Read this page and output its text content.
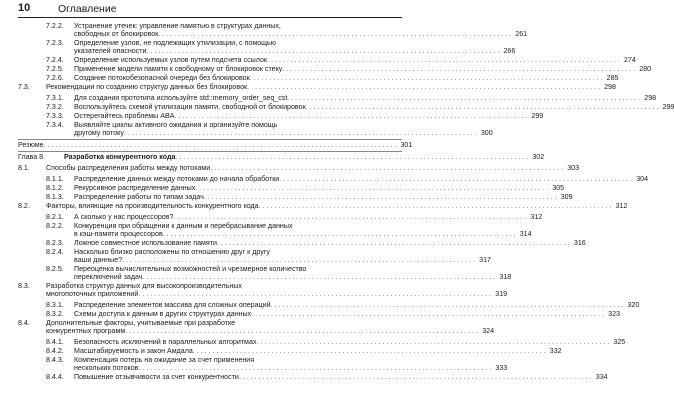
10	Оглавление
7.2.2.	Устранение утечек: управление памятью в структурах данных,
свободных от блокировок . . . . . . . . . . . . . . . . . . . . . . . . . . . . . . . . . . . . . . . . . . . . . . . . . . . . . . . . . . . . . . . . . . . . . . . . . . . . . . . . . . . . . . . . . . 261
7.2.3.	Определение узлов, не подлежащих утилизации, с помощью
указателей опасности . . . . . . . . . . . . . . . . . . . . . . . . . . . . . . . . . . . . . . . . . . . . . . . . . . . . . . . . . . . . . . . . . . . . . . . . . . . . . . . . . . . . . . . . . . 266
7.2.4.	Определение используемых узлов путем подсчета ссылок . . . . . . . . . . . . . . . . . . . . . . . . . . . . . . . . . . . . . . . . . . . . . . . . . . . . . . . . . . . . . . . . . . . . . . . . . . . . . . . . . . . . . . . . . . 274
7.2.5.	Применение модели памяти к свободному от блокировок стеку . . . . . . . . . . . . . . . . . . . . . . . . . . . . . . . . . . . . . . . . . . . . . . . . . . . . . . . . . . . . . . . . . . . . . . . . . . . . . . . . . . . . . . . . . . 280
7.2.6.	Создание потокобезопасной очереди без блокировок . . . . . . . . . . . . . . . . . . . . . . . . . . . . . . . . . . . . . . . . . . . . . . . . . . . . . . . . . . . . . . . . . . . . . . . . . . . . . . . . . . . . . . . . . . 285
7.3.	Рекомендации по созданию структур данных без блокировок . . . . . . . . . . . . . . . . . . . . . . . . . . . . . . . . . . . . . . . . . . . . . . . . . . . . . . . . . . . . . . . . . . . . . . . . . . . . . . . . . . . . . . . . . . 298
7.3.1.	Для создания прототипа используйте std::memory_order_seq_cst . . . . . . . . . . . . . . . . . . . . . . . . . . . . . . . . . . . . . . . . . . . . . . . . . . . . . . . . . . . . . . . . . . . . . . . . . . . . . . . . . . . . . . . . . . 298
7.3.2.	Воспользуйтесь схемой утилизации памяти, свободной от блокировок . . . . . . . . . . . . . . . . . . . . . . . . . . . . . . . . . . . . . . . . . . . . . . . . . . . . . . . . . . . . . . . . . . . . . . . . . . . . . . . . . . . . . . . . . . 299
7.3.3.	Остерегайтесь проблемы ABA . . . . . . . . . . . . . . . . . . . . . . . . . . . . . . . . . . . . . . . . . . . . . . . . . . . . . . . . . . . . . . . . . . . . . . . . . . . . . . . . . . . . . . . . . . 299
7.3.4.	Выявляйте циклы активного ожидания и организуйте помощь
другому потоку . . . . . . . . . . . . . . . . . . . . . . . . . . . . . . . . . . . . . . . . . . . . . . . . . . . . . . . . . . . . . . . . . . . . . . . . . . . . . . . . . . . . . . . . . . 300
Резюме . . . . . . . . . . . . . . . . . . . . . . . . . . . . . . . . . . . . . . . . . . . . . . . . . . . . . . . . . . . . . . . . . . . . . . . . . . . . . . . . . . . . . . . . . . 301
Глава 8.	Разработка конкурентного кода . . . . . . . . . . . . . . . . . . . . . . . . . . . . . . . . . . . . . . . . . . . . . . . . . . . . . . . . . . . . . . . . . . . . . . . . . . . . . . . . . . . . . . . . . . 302
8.1.	Способы распределения работы между потоками . . . . . . . . . . . . . . . . . . . . . . . . . . . . . . . . . . . . . . . . . . . . . . . . . . . . . . . . . . . . . . . . . . . . . . . . . . . . . . . . . . . . . . . . . . 303
8.1.1.	Распределение данных между потоками до начала обработки . . . . . . . . . . . . . . . . . . . . . . . . . . . . . . . . . . . . . . . . . . . . . . . . . . . . . . . . . . . . . . . . . . . . . . . . . . . . . . . . . . . . . . . . . . 304
8.1.2.	Рекурсивное распределение данных . . . . . . . . . . . . . . . . . . . . . . . . . . . . . . . . . . . . . . . . . . . . . . . . . . . . . . . . . . . . . . . . . . . . . . . . . . . . . . . . . . . . . . . . . . 305
8.1.3.	Распределение работы по типам задач . . . . . . . . . . . . . . . . . . . . . . . . . . . . . . . . . . . . . . . . . . . . . . . . . . . . . . . . . . . . . . . . . . . . . . . . . . . . . . . . . . . . . . . . . . 309
8.2.	Факторы, влияющие на производительность конкурентного кода . . . . . . . . . . . . . . . . . . . . . . . . . . . . . . . . . . . . . . . . . . . . . . . . . . . . . . . . . . . . . . . . . . . . . . . . . . . . . . . . . . . . . . . . . . 312
8.2.1.	А сколько у нас процессоров? . . . . . . . . . . . . . . . . . . . . . . . . . . . . . . . . . . . . . . . . . . . . . . . . . . . . . . . . . . . . . . . . . . . . . . . . . . . . . . . . . . . . . . . . . . 312
8.2.2.	Конкуренция при обращении к данным и перебрасывание данных
в кэш-памяти процессоров . . . . . . . . . . . . . . . . . . . . . . . . . . . . . . . . . . . . . . . . . . . . . . . . . . . . . . . . . . . . . . . . . . . . . . . . . . . . . . . . . . . . . . . . . . 314
8.2.3.	Ложное совместное использование памяти . . . . . . . . . . . . . . . . . . . . . . . . . . . . . . . . . . . . . . . . . . . . . . . . . . . . . . . . . . . . . . . . . . . . . . . . . . . . . . . . . . . . . . . . . . 316
8.2.4.	Насколько близко расположены по отношению друг к другу
ваши данные? . . . . . . . . . . . . . . . . . . . . . . . . . . . . . . . . . . . . . . . . . . . . . . . . . . . . . . . . . . . . . . . . . . . . . . . . . . . . . . . . . . . . . . . . . . 317
8.2.5.	Переоценка вычислительных возможностей и чрезмерное количество
переключений задач . . . . . . . . . . . . . . . . . . . . . . . . . . . . . . . . . . . . . . . . . . . . . . . . . . . . . . . . . . . . . . . . . . . . . . . . . . . . . . . . . . . . . . . . . . 318
8.3.	Разработка структур данных для высокопроизводительных
многопоточных приложений . . . . . . . . . . . . . . . . . . . . . . . . . . . . . . . . . . . . . . . . . . . . . . . . . . . . . . . . . . . . . . . . . . . . . . . . . . . . . . . . . . . . . . . . . . 319
8.3.1.	Распределение элементов массива для сложных операций . . . . . . . . . . . . . . . . . . . . . . . . . . . . . . . . . . . . . . . . . . . . . . . . . . . . . . . . . . . . . . . . . . . . . . . . . . . . . . . . . . . . . . . . . . 320
8.3.2.	Схемы доступа к данным в других структурах данных . . . . . . . . . . . . . . . . . . . . . . . . . . . . . . . . . . . . . . . . . . . . . . . . . . . . . . . . . . . . . . . . . . . . . . . . . . . . . . . . . . . . . . . . . . 323
8.4.	Дополнительные факторы, учитываемые при разработке
конкурентных программ . . . . . . . . . . . . . . . . . . . . . . . . . . . . . . . . . . . . . . . . . . . . . . . . . . . . . . . . . . . . . . . . . . . . . . . . . . . . . . . . . . . . . . . . . . 324
8.4.1.	Безопасность исключений в параллельных алгоритмах . . . . . . . . . . . . . . . . . . . . . . . . . . . . . . . . . . . . . . . . . . . . . . . . . . . . . . . . . . . . . . . . . . . . . . . . . . . . . . . . . . . . . . . . . . 325
8.4.2.	Масштабируемость и закон Амдала . . . . . . . . . . . . . . . . . . . . . . . . . . . . . . . . . . . . . . . . . . . . . . . . . . . . . . . . . . . . . . . . . . . . . . . . . . . . . . . . . . . . . . . . . . 332
8.4.3.	Компенсация потерь на ожидание за счет применения
нескольких потоков . . . . . . . . . . . . . . . . . . . . . . . . . . . . . . . . . . . . . . . . . . . . . . . . . . . . . . . . . . . . . . . . . . . . . . . . . . . . . . . . . . . . . . . . . . 333
8.4.4.	Повышение отзывчивости за счет конкурентности . . . . . . . . . . . . . . . . . . . . . . . . . . . . . . . . . . . . . . . . . . . . . . . . . . . . . . . . . . . . . . . . . . . . . . . . . . . . . . . . . . . . . . . . . . 334
